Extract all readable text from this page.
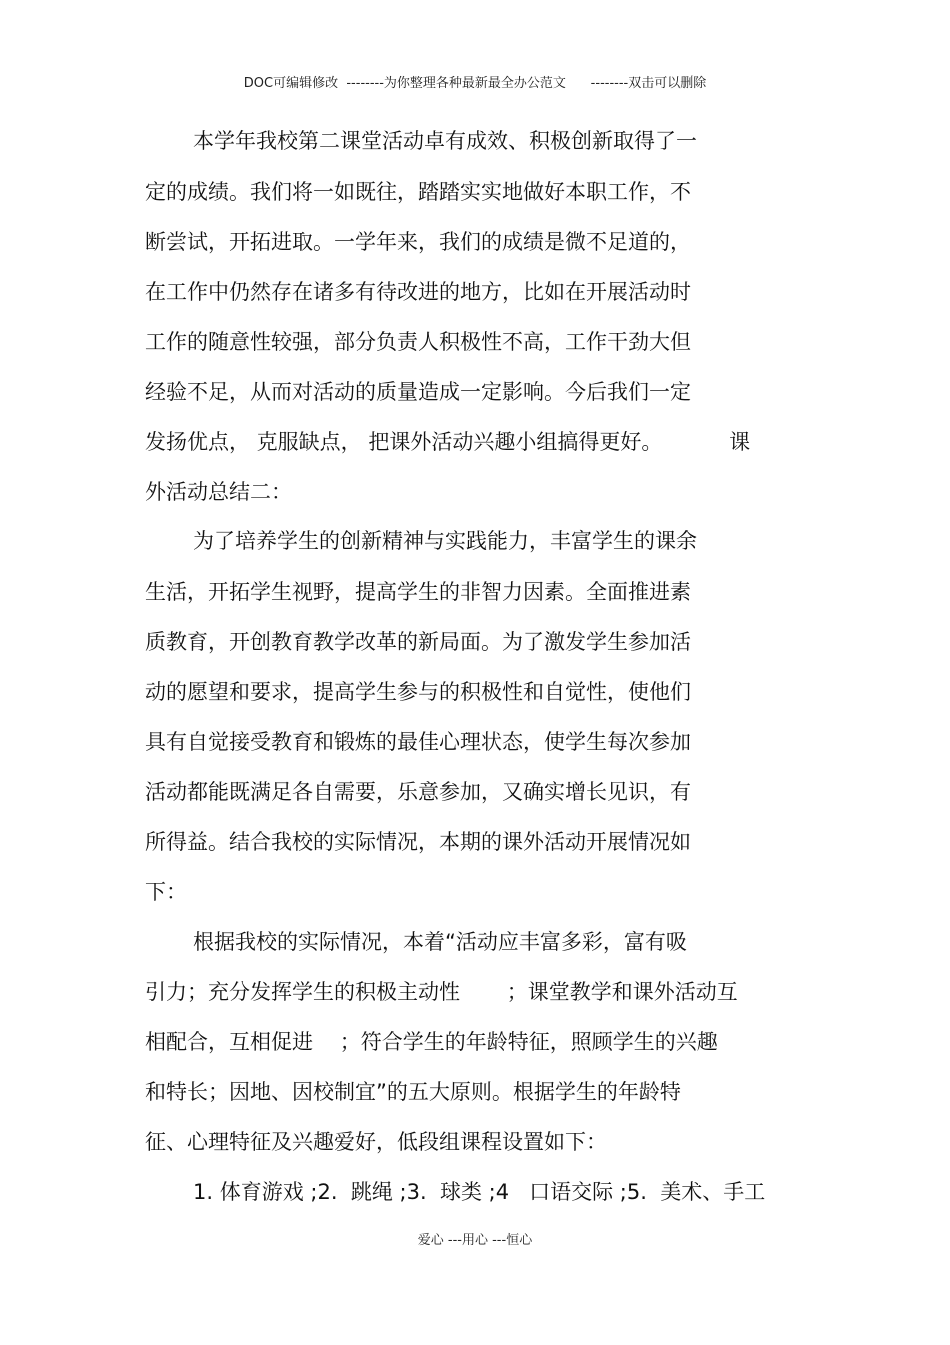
DOC可编辑修改  --------为你整理各种最新最全办公范文      --------双击可以删除
本学年我校第二课堂活动卓有成效、积极创新取得了一
定的成绩。我们将一如既往，踏踏实实地做好本职工作，不
断尝试，开拓进取。一学年来，我们的成绩是微不足道的，
在工作中仍然存在诸多有待改进的地方，比如在开展活动时
工作的随意性较强，部分负责人积极性不高，工作干劲大但
经验不足，从而对活动的质量造成一定影响。今后我们一定
发扬优点， 克服缺点， 把课外活动兴趣小组搞得更好。          课
外活动总结二：
为了培养学生的创新精神与实践能力，丰富学生的课余
生活，开拓学生视野，提高学生的非智力因素。全面推进素
质教育，开创教育教学改革的新局面。为了激发学生参加活
动的愿望和要求，提高学生参与的积极性和自觉性，使他们
具有自觉接受教育和锻炼的最佳心理状态，使学生每次参加
活动都能既满足各自需要，乐意参加，又确实增长见识，有
所得益。结合我校的实际情况，本期的课外活动开展情况如
下：
根据我校的实际情况，本着“活动应丰富多彩，富有吸
引力；充分发挥学生的积极主动性       ；课堂教学和课外活动互
相配合，互相促进    ；符合学生的年龄特征，照顾学生的兴趣
和特长；因地、因校制宜”的五大原则。根据学生的年龄特
征、心理特征及兴趣爱好，低段组课程设置如下：
1. 体育游戏 ;2.  跳绳 ;3.  球类 ;4   口语交际 ;5.  美术、手工
爱心 ---用心 ---恒心
